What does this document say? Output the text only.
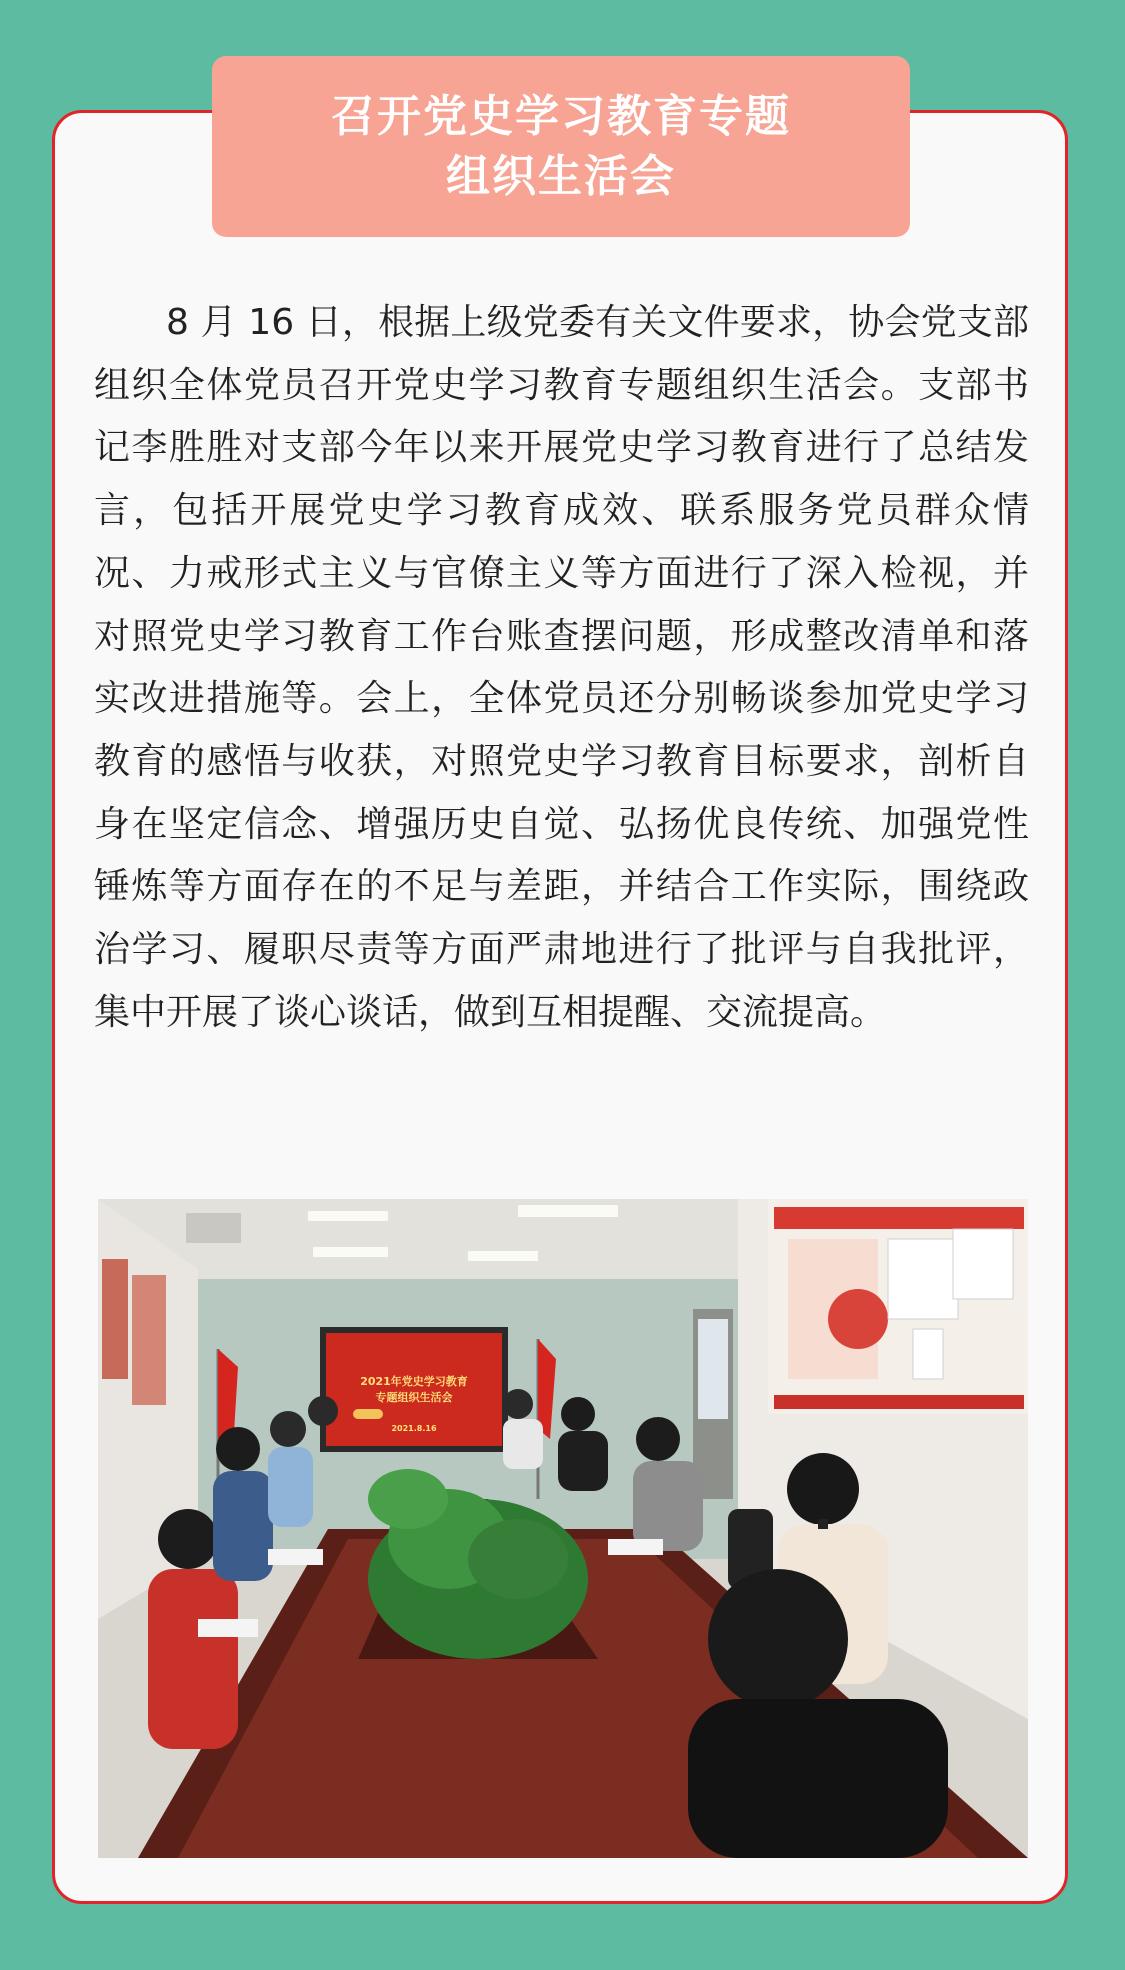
召开党史学习教育专题
组织生活会

8 月 16 日，根据上级党委有关文件要求，协会党支部组织全体党员召开党史学习教育专题组织生活会。支部书记李胜胜对支部今年以来开展党史学习教育进行了总结发言，包括开展党史学习教育成效、联系服务党员群众情况、力戒形式主义与官僚主义等方面进行了深入检视，并对照党史学习教育工作台账查摆问题，形成整改清单和落实改进措施等。会上，全体党员还分别畅谈参加党史学习教育的感悟与收获，对照党史学习教育目标要求，剖析自身在坚定信念、增强历史自觉、弘扬优良传统、加强党性锤炼等方面存在的不足与差距，并结合工作实际，围绕政治学习、履职尽责等方面严肃地进行了批评与自我批评，集中开展了谈心谈话，做到互相提醒、交流提高。

2021年党史学习教育
专题组织生活会
2021.8.16
